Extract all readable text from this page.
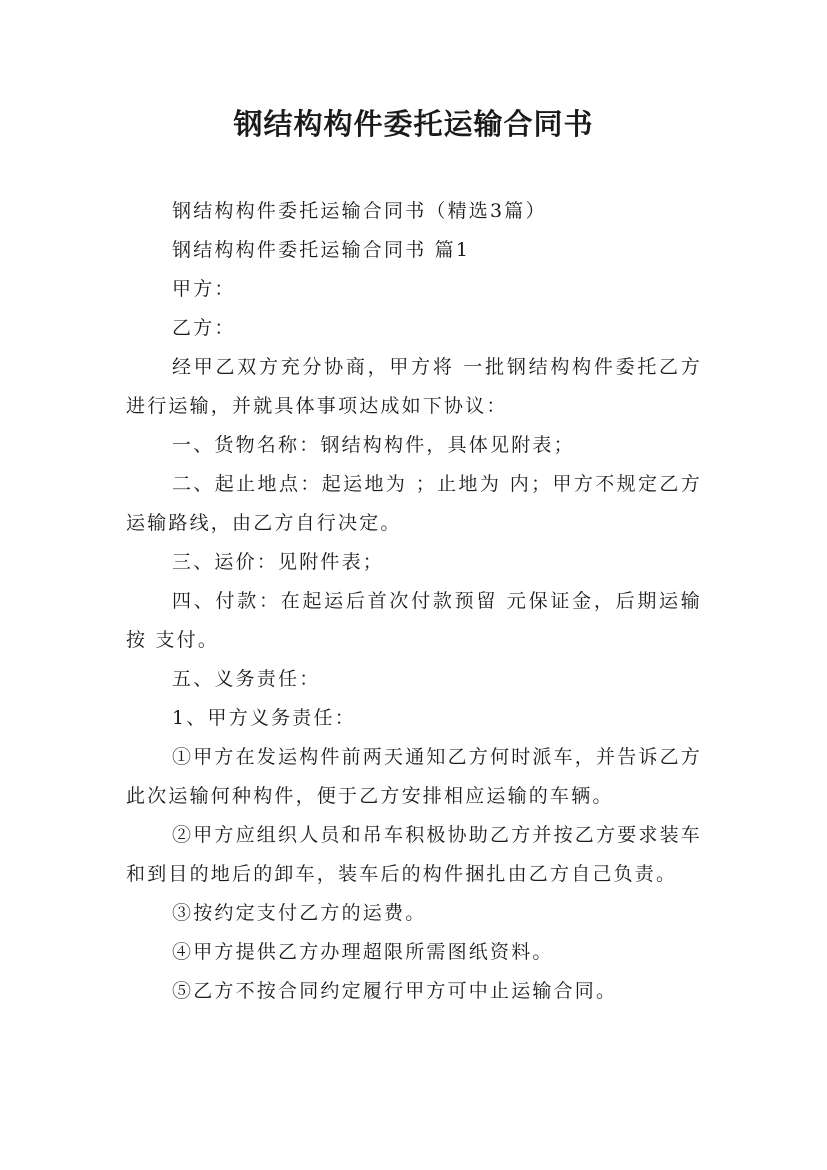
钢结构构件委托运输合同书

钢结构构件委托运输合同书（精选3篇）

钢结构构件委托运输合同书 篇1

甲方：

乙方：

经甲乙双方充分协商，甲方将 一批钢结构构件委托乙方进行运输，并就具体事项达成如下协议：

一、货物名称：钢结构构件，具体见附表；

二、起止地点：起运地为 ；止地为 内；甲方不规定乙方运输路线，由乙方自行决定。

三、运价：见附件表；

四、付款：在起运后首次付款预留 元保证金，后期运输按 支付。

五、义务责任：

1、甲方义务责任：

①甲方在发运构件前两天通知乙方何时派车，并告诉乙方此次运输何种构件，便于乙方安排相应运输的车辆。

②甲方应组织人员和吊车积极协助乙方并按乙方要求装车和到目的地后的卸车，装车后的构件捆扎由乙方自己负责。

③按约定支付乙方的运费。

④甲方提供乙方办理超限所需图纸资料。

⑤乙方不按合同约定履行甲方可中止运输合同。
